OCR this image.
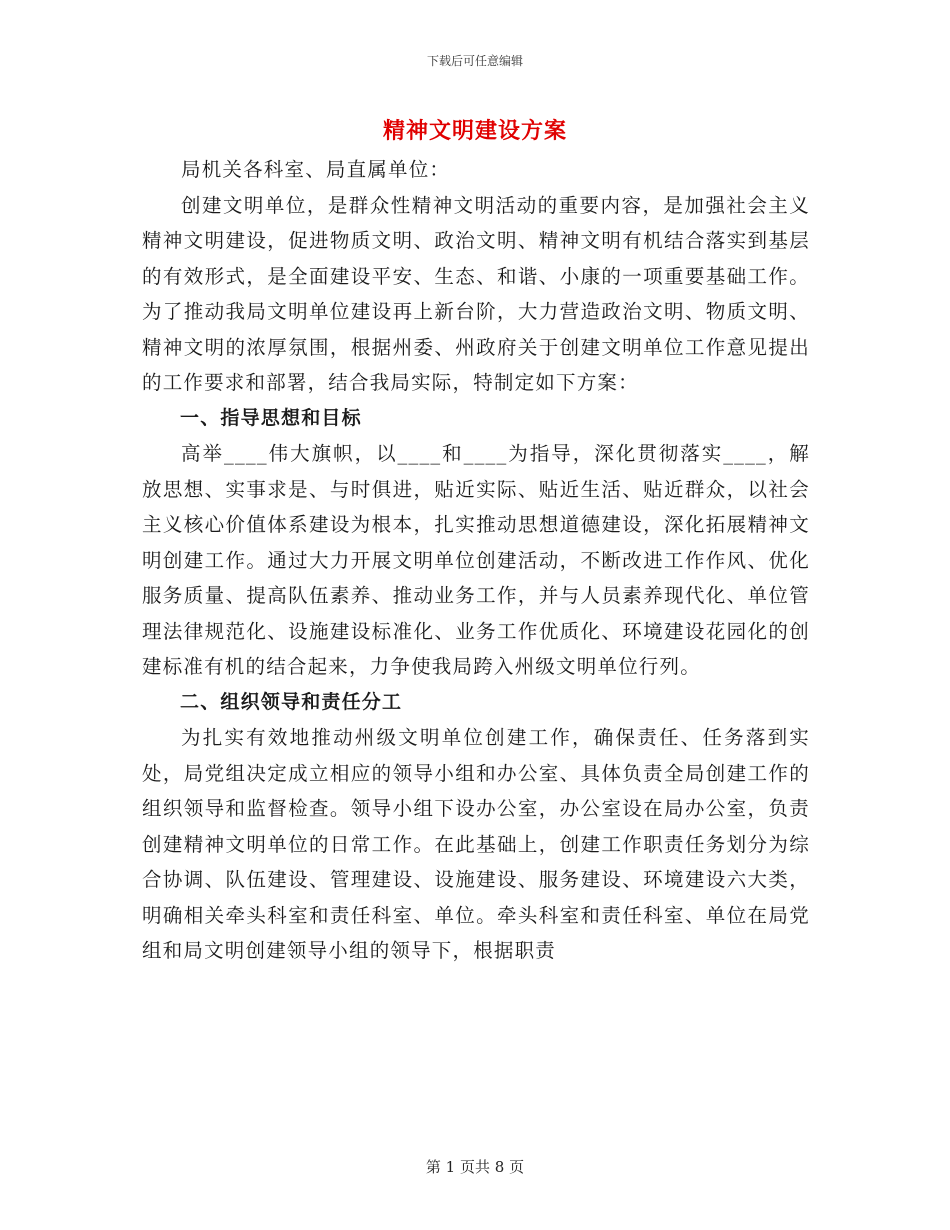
下载后可任意编辑
精神文明建设方案

局机关各科室、局直属单位：

创建文明单位，是群众性精神文明活动的重要内容，是加强社会主义精神文明建设，促进物质文明、政治文明、精神文明有机结合落实到基层的有效形式，是全面建设平安、生态、和谐、小康的一项重要基础工作。为了推动我局文明单位建设再上新台阶，大力营造政治文明、物质文明、精神文明的浓厚氛围，根据州委、州政府关于创建文明单位工作意见提出的工作要求和部署，结合我局实际，特制定如下方案：

一、指导思想和目标

高举____伟大旗帜，以____和____为指导，深化贯彻落实____，解放思想、实事求是、与时俱进，贴近实际、贴近生活、贴近群众，以社会主义核心价值体系建设为根本，扎实推动思想道德建设，深化拓展精神文明创建工作。通过大力开展文明单位创建活动，不断改进工作作风、优化服务质量、提高队伍素养、推动业务工作，并与人员素养现代化、单位管理法律规范化、设施建设标准化、业务工作优质化、环境建设花园化的创建标准有机的结合起来，力争使我局跨入州级文明单位行列。

二、组织领导和责任分工

为扎实有效地推动州级文明单位创建工作，确保责任、任务落到实处，局党组决定成立相应的领导小组和办公室、具体负责全局创建工作的组织领导和监督检查。领导小组下设办公室，办公室设在局办公室，负责创建精神文明单位的日常工作。在此基础上，创建工作职责任务划分为综合协调、队伍建设、管理建设、设施建设、服务建设、环境建设六大类，明确相关牵头科室和责任科室、单位。牵头科室和责任科室、单位在局党组和局文明创建领导小组的领导下，根据职责

第 1 页共 8 页
